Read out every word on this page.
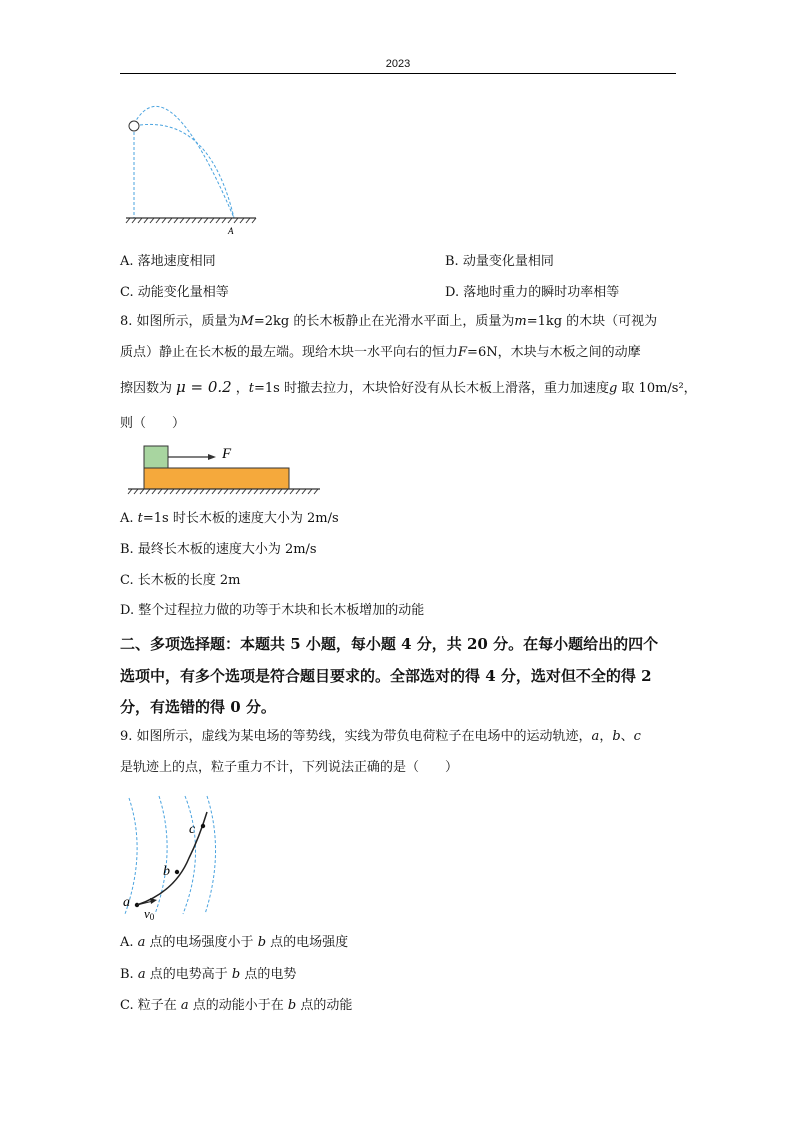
2023
A
A. 落地速度相同	B. 动量变化量相同
C. 动能变化量相等	D. 落地时重力的瞬时功率相等
8. 如图所示，质量为M=2kg 的长木板静止在光滑水平面上，质量为m=1kg 的木块（可视为
质点）静止在长木板的最左端。现给木块一水平向右的恒力F=6N，木块与木板之间的动摩
擦因数为 μ = 0.2 ，t=1s 时撤去拉力，木块恰好没有从长木板上滑落，重力加速度g 取 10m/s²，
则（　　）
F
A. t=1s 时长木板的速度大小为 2m/s
B. 最终长木板的速度大小为 2m/s
C. 长木板的长度 2m
D. 整个过程拉力做的功等于木块和长木板增加的动能
二、多项选择题：本题共 5 小题，每小题 4 分，共 20 分。在每小题给出的四个
选项中，有多个选项是符合题目要求的。全部选对的得 4 分，选对但不全的得 2
分，有选错的得 0 分。
9. 如图所示，虚线为某电场的等势线，实线为带负电荷粒子在电场中的运动轨迹，a，b、c
是轨迹上的点，粒子重力不计，下列说法正确的是（　　）
a
b
c
v0
A. a 点的电场强度小于 b 点的电场强度
B. a 点的电势高于 b 点的电势
C. 粒子在 a 点的动能小于在 b 点的动能
